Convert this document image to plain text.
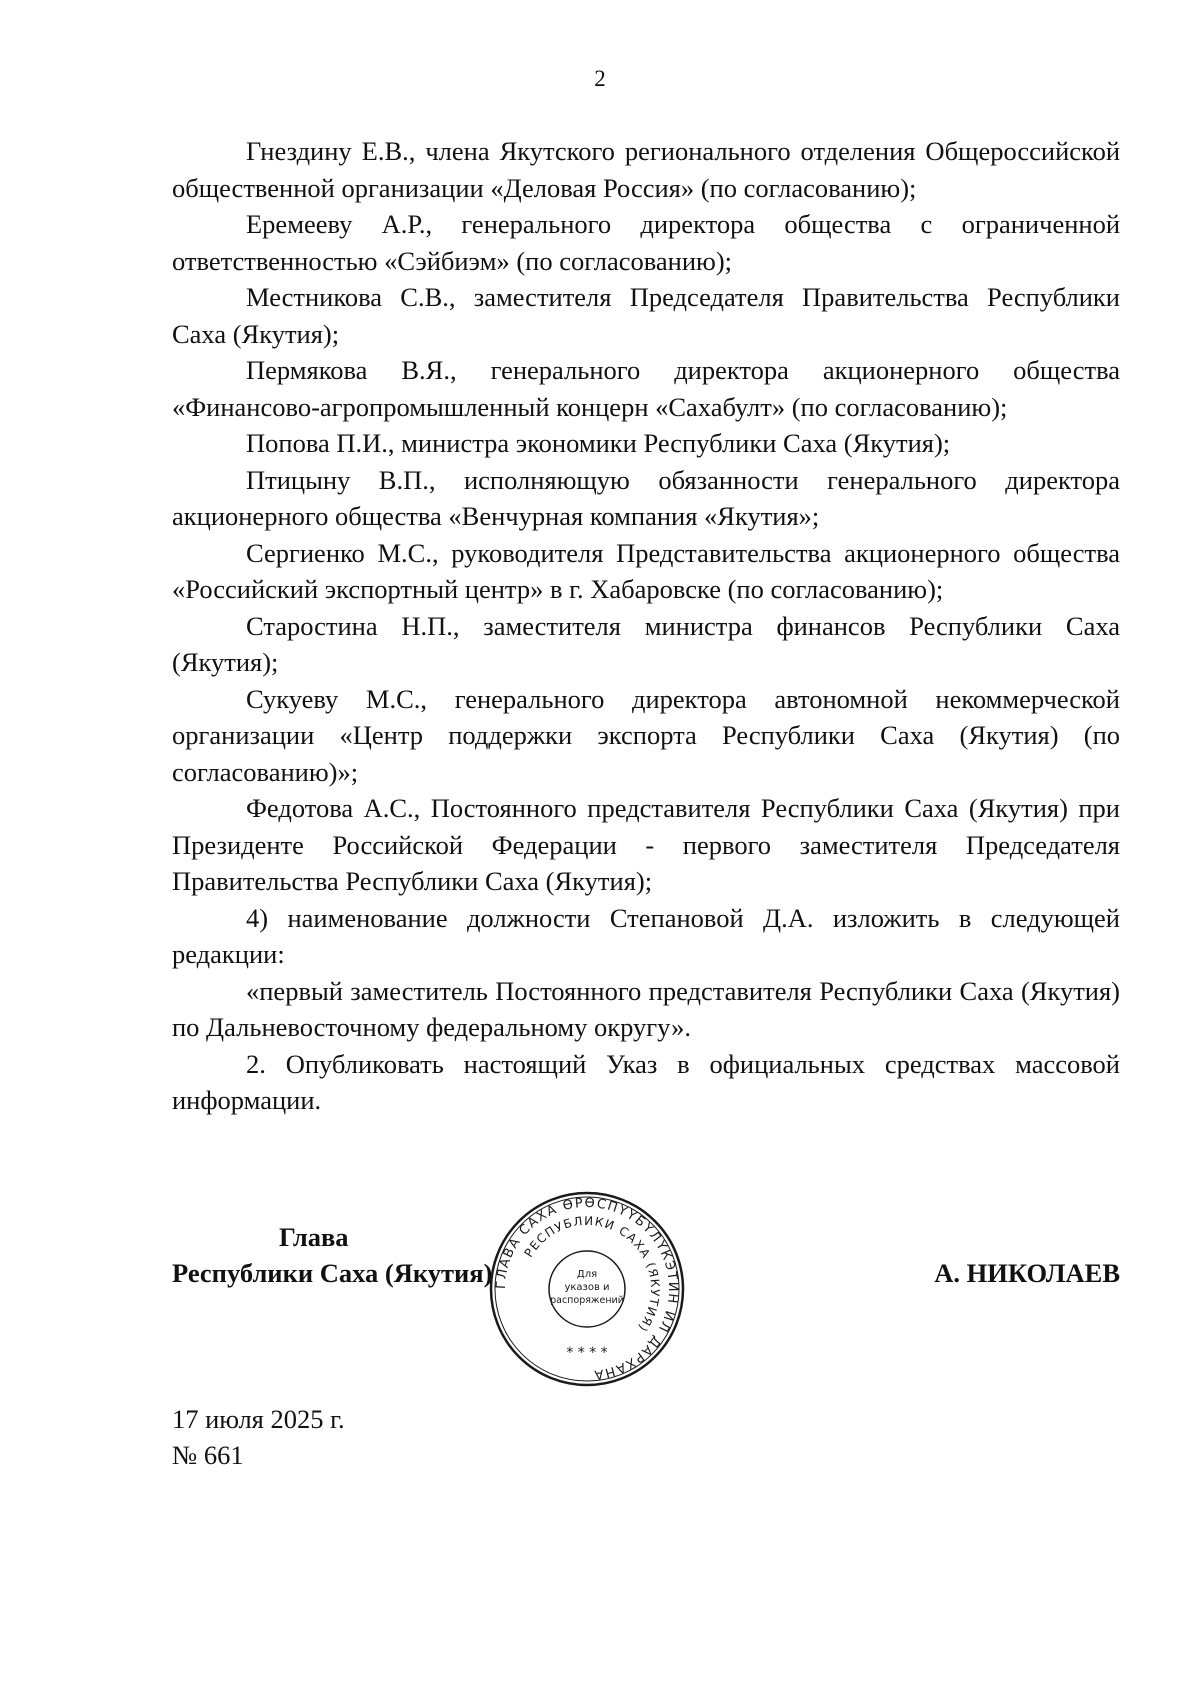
2

Гнездину Е.В., члена Якутского регионального отделения Общероссийской общественной организации «Деловая Россия» (по согласованию);

Еремееву А.Р., генерального директора общества с ограниченной ответственностью «Сэйбиэм» (по согласованию);

Местникова С.В., заместителя Председателя Правительства Республики Саха (Якутия);

Пермякова В.Я., генерального директора акционерного общества «Финансово-агропромышленный концерн «Сахабулт» (по согласованию);

Попова П.И., министра экономики Республики Саха (Якутия);

Птицыну В.П., исполняющую обязанности генерального директора акционерного общества «Венчурная компания «Якутия»;

Сергиенко М.С., руководителя Представительства акционерного общества «Российский экспортный центр» в г. Хабаровске (по согласованию);

Старостина Н.П., заместителя министра финансов Республики Саха (Якутия);

Сукуеву М.С., генерального директора автономной некоммерческой организации «Центр поддержки экспорта Республики Саха (Якутия) (по согласованию)»;

Федотова А.С., Постоянного представителя Республики Саха (Якутия) при Президенте Российской Федерации - первого заместителя Председателя Правительства Республики Саха (Якутия);

4) наименование должности Степановой Д.А. изложить в следующей редакции:

«первый заместитель Постоянного представителя Республики Саха (Якутия) по Дальневосточному федеральному округу».

2. Опубликовать настоящий Указ в официальных средствах массовой информации.

Глава
Республики Саха (Якутия)	А. НИКОЛАЕВ
ГЛАВА САХА ӨРӨСПҮҮБҮЛҮКЭТИН ИЛ ДАРХАНА
РЕСПУБЛИКИ САХА (ЯКУТИЯ)
Для
указов и
распоряжений
* * * *
17 июля 2025 г.
№ 661
